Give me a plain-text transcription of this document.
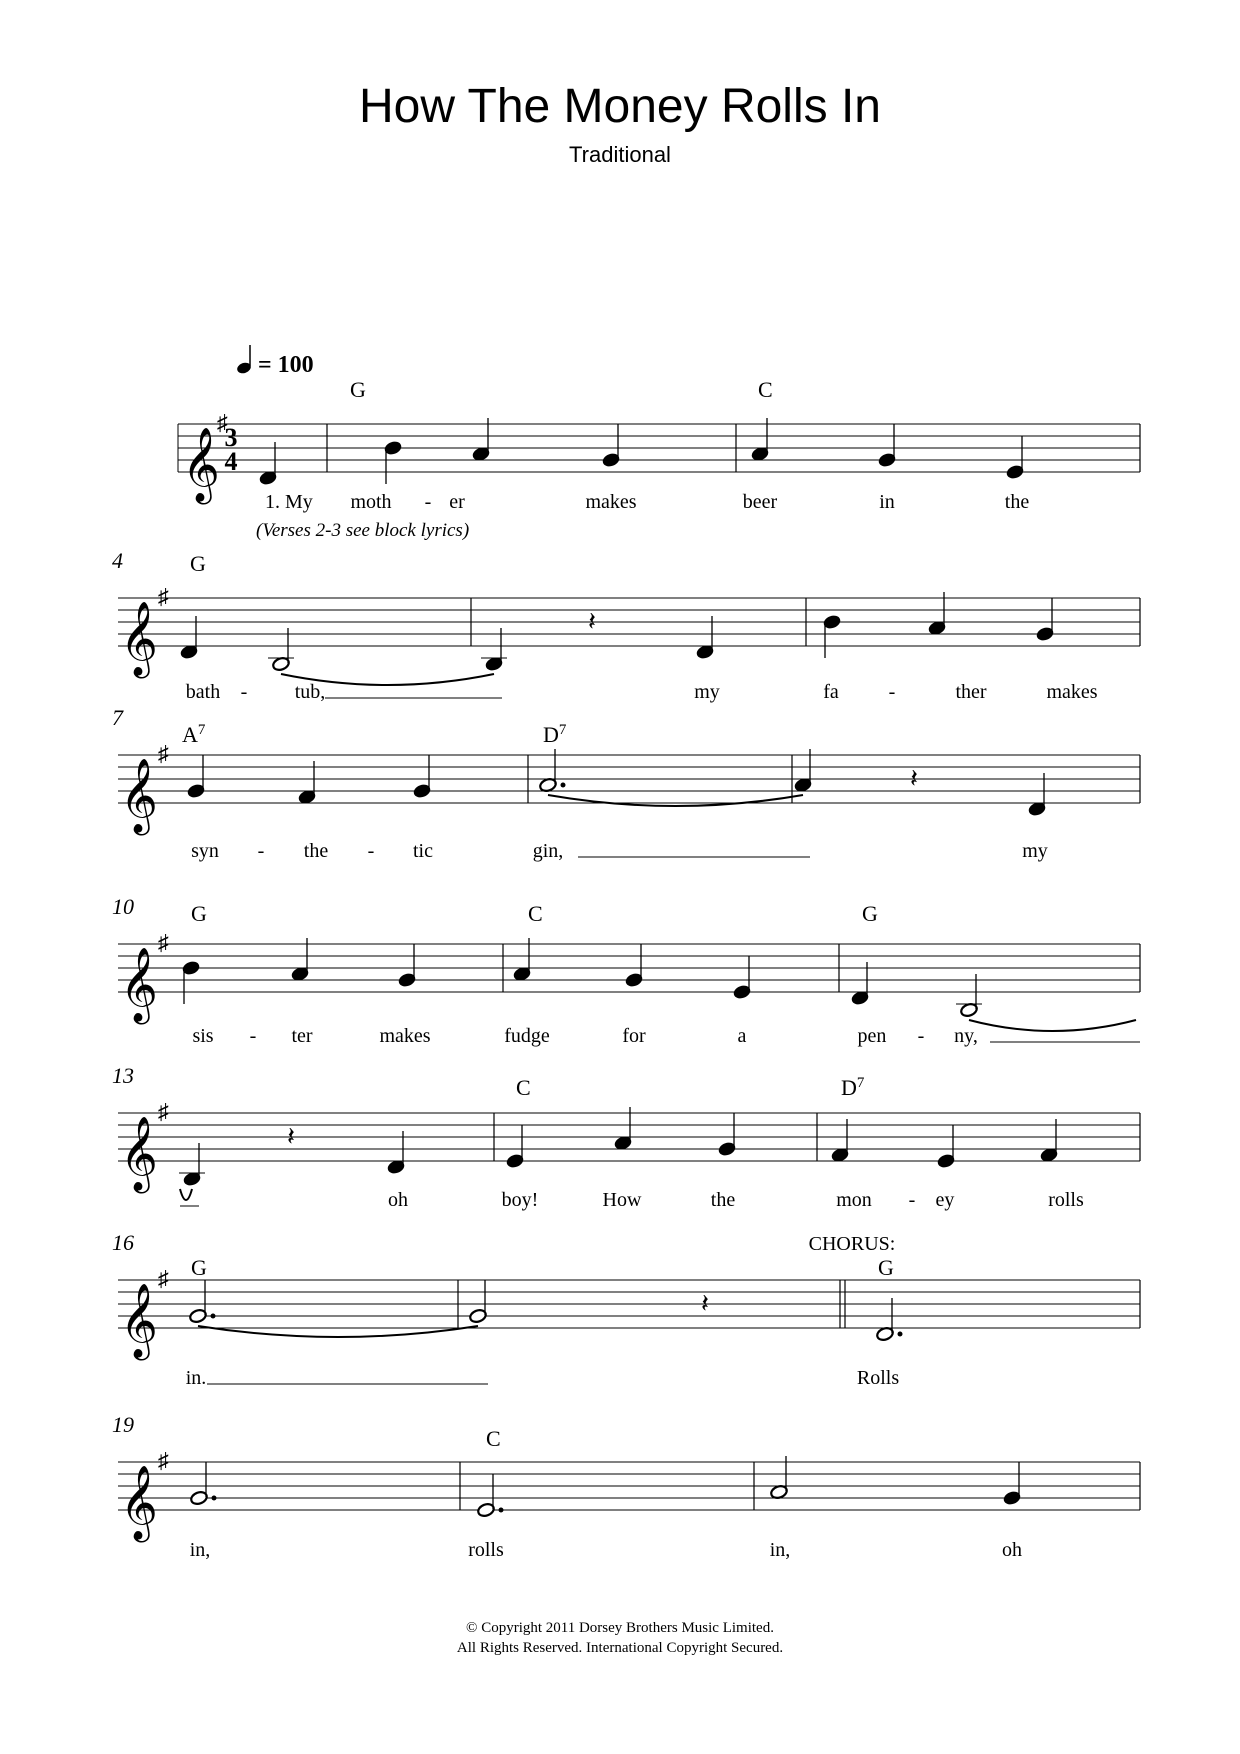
How The Money Rolls In
Traditional
= 100
𝄞
♯
3
4
G	C
1. My moth - er	makes	beer	in	the
(Verses 2-3 see block lyrics)
𝄞
♯
4	G
𝄽
bath - tub,	my	fa -	ther	makes
𝄞
♯
7
$A^7$	$D^7$
𝄽
syn - the - tic	gin,	my
𝄞
♯
10	G	C	G
sis - ter	makes	fudge	for	a	pen - ny,
𝄞
♯
13	C	$D^7$
𝄽
oh	boy!	How	the	mon - ey	rolls
𝄞
♯
16
G	G
CHORUS:
𝄽
in.	Rolls
𝄞
♯
19
C
in,	rolls	in,	oh
© Copyright 2011 Dorsey Brothers Music Limited.
All Rights Reserved. International Copyright Secured.
